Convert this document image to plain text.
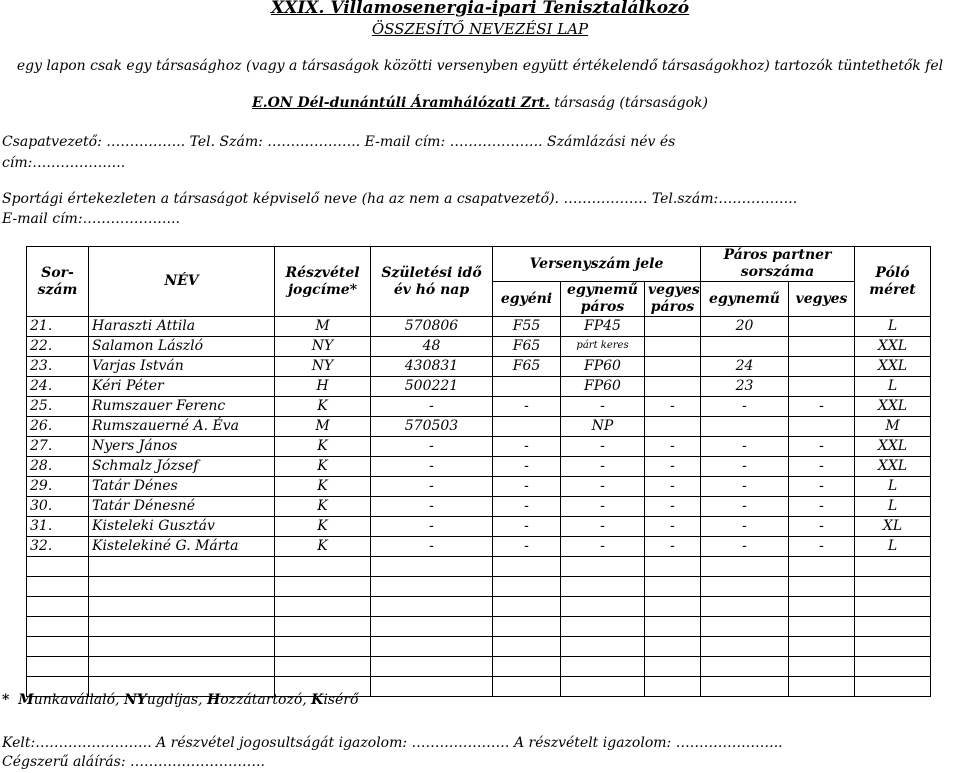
XXIX. Villamosenergia-ipari Tenisztalálkozó
ÖSSZESÍTŐ NEVEZÉSI LAP
egy lapon csak egy társasághoz (vagy a társaságok közötti versenyben együtt értékelendő társaságokhoz) tartozók tüntethetők fel
E.ON Dél-dunántúli Áramhálózati Zrt. társaság (társaságok)
Csapatvezető: …………….. Tel. Szám: ……………….. E-mail cím: ……………….. Számlázási név és
cím:………………..
Sportági értekezleten a társaságot képviselő neve (ha az nem a csapatvezető). ……………… Tel.szám:……………..
E-mail cím:………………...
Sor-szám	NÉV	Részvétel jogcíme*	Születési idő év hó nap	Versenyszám jele			Páros partner sorszáma		Póló méret
				egyéni	egynemű páros	vegyes páros	egynemű	vegyes	

21.	Haraszti Attila	M	570806	F55	FP45		20		L
22.	Salamon László	NY	48	F65	párt keres				XXL
23.	Varjas István	NY	430831	F65	FP60		24		XXL
24.	Kéri Péter	H	500221		FP60		23		L
25.	Rumszauer Ferenc	K	-	-	-	-	-	-	XXL
26.	Rumszauerné A. Éva	M	570503		NP				M
27.	Nyers János	K	-	-	-	-	-	-	XXL
28.	Schmalz József	K	-	-	-	-	-	-	XXL
29.	Tatár Dénes	K	-	-	-	-	-	-	L
30.	Tatár Dénesné	K	-	-	-	-	-	-	L
31.	Kisteleki Gusztáv	K	-	-	-	-	-	-	XL
32.	Kistelekiné G. Márta	K	-	-	-	-	-	-	L

* Munkavállaló, NYugdíjas, Hozzátartozó, Kisérő
Kelt:……………………. A részvétel jogosultságát igazolom: ………………… A részvételt igazolom: …………………..
Cégszerű aláírás: ………………………..
